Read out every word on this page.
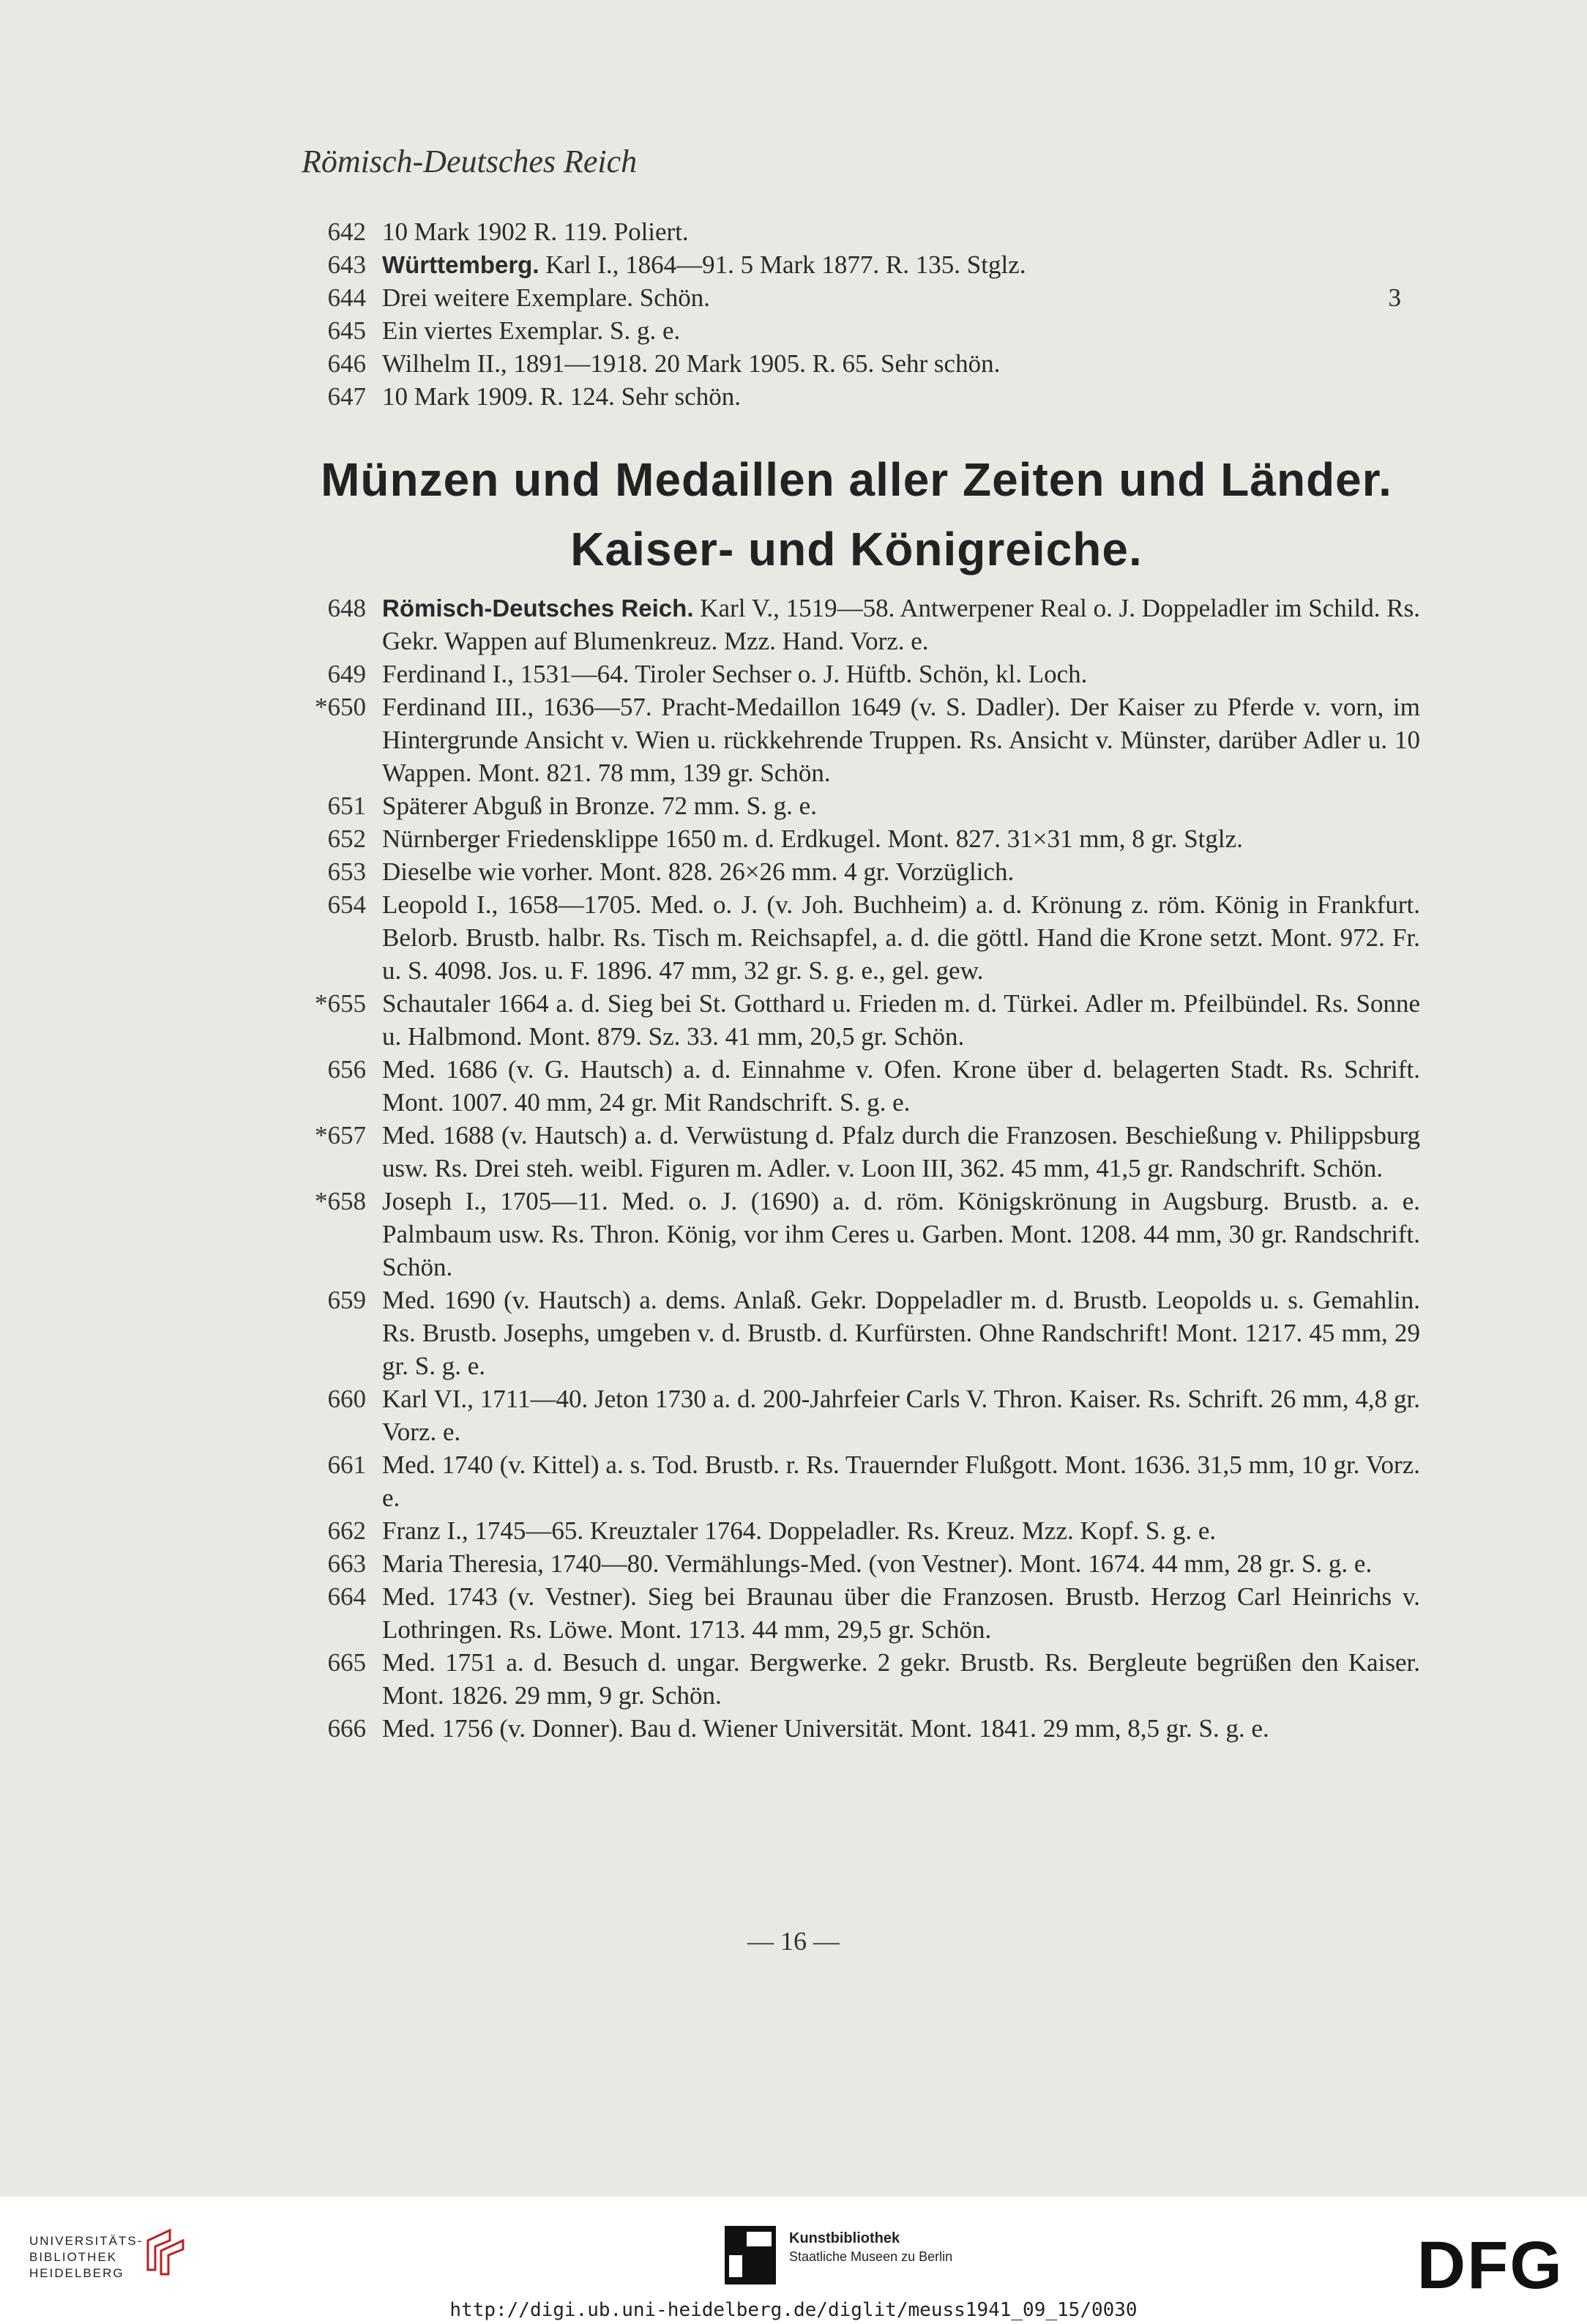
Römisch-Deutsches Reich
642 10 Mark 1902 R. 119. Poliert.
643 Württemberg. Karl I., 1864—91. 5 Mark 1877. R. 135. Stglz.
644 Drei weitere Exemplare. Schön.	3
645 Ein viertes Exemplar. S. g. e.
646 Wilhelm II., 1891—1918. 20 Mark 1905. R. 65. Sehr schön.
647 10 Mark 1909. R. 124. Sehr schön.
Münzen und Medaillen aller Zeiten und Länder.
Kaiser- und Königreiche.
648 Römisch-Deutsches Reich. Karl V., 1519—58. Antwerpener Real o. J. Doppeladler im Schild. Rs. Gekr. Wappen auf Blumenkreuz. Mzz. Hand. Vorz. e.
649 Ferdinand I., 1531—64. Tiroler Sechser o. J. Hüftb. Schön, kl. Loch.
*650 Ferdinand III., 1636—57. Pracht-Medaillon 1649 (v. S. Dadler). Der Kaiser zu Pferde v. vorn, im Hintergrunde Ansicht v. Wien u. rückkehrende Truppen. Rs. Ansicht v. Münster, darüber Adler u. 10 Wappen. Mont. 821. 78 mm, 139 gr. Schön.
651 Späterer Abguß in Bronze. 72 mm. S. g. e.
652 Nürnberger Friedensklippe 1650 m. d. Erdkugel. Mont. 827. 31×31 mm, 8 gr. Stglz.
653 Dieselbe wie vorher. Mont. 828. 26×26 mm. 4 gr. Vorzüglich.
654 Leopold I., 1658—1705. Med. o. J. (v. Joh. Buchheim) a. d. Krönung z. röm. König in Frankfurt. Belorb. Brustb. halbr. Rs. Tisch m. Reichsapfel, a. d. die göttl. Hand die Krone setzt. Mont. 972. Fr. u. S. 4098. Jos. u. F. 1896. 47 mm, 32 gr. S. g. e., gel. gew.
*655 Schautaler 1664 a. d. Sieg bei St. Gotthard u. Frieden m. d. Türkei. Adler m. Pfeilbündel. Rs. Sonne u. Halbmond. Mont. 879. Sz. 33. 41 mm, 20,5 gr. Schön.
656 Med. 1686 (v. G. Hautsch) a. d. Einnahme v. Ofen. Krone über d. belagerten Stadt. Rs. Schrift. Mont. 1007. 40 mm, 24 gr. Mit Randschrift. S. g. e.
*657 Med. 1688 (v. Hautsch) a. d. Verwüstung d. Pfalz durch die Franzosen. Beschießung v. Philippsburg usw. Rs. Drei steh. weibl. Figuren m. Adler. v. Loon III, 362. 45 mm, 41,5 gr. Randschrift. Schön.
*658 Joseph I., 1705—11. Med. o. J. (1690) a. d. röm. Königskrönung in Augsburg. Brustb. a. e. Palmbaum usw. Rs. Thron. König, vor ihm Ceres u. Garben. Mont. 1208. 44 mm, 30 gr. Randschrift. Schön.
659 Med. 1690 (v. Hautsch) a. dems. Anlaß. Gekr. Doppeladler m. d. Brustb. Leopolds u. s. Gemahlin. Rs. Brustb. Josephs, umgeben v. d. Brustb. d. Kurfürsten. Ohne Randschrift! Mont. 1217. 45 mm, 29 gr. S. g. e.
660 Karl VI., 1711—40. Jeton 1730 a. d. 200-Jahrfeier Carls V. Thron. Kaiser. Rs. Schrift. 26 mm, 4,8 gr. Vorz. e.
661 Med. 1740 (v. Kittel) a. s. Tod. Brustb. r. Rs. Trauernder Flußgott. Mont. 1636. 31,5 mm, 10 gr. Vorz. e.
662 Franz I., 1745—65. Kreuztaler 1764. Doppeladler. Rs. Kreuz. Mzz. Kopf. S. g. e.
663 Maria Theresia, 1740—80. Vermählungs-Med. (von Vestner). Mont. 1674. 44 mm, 28 gr. S. g. e.
664 Med. 1743 (v. Vestner). Sieg bei Braunau über die Franzosen. Brustb. Herzog Carl Heinrichs v. Lothringen. Rs. Löwe. Mont. 1713. 44 mm, 29,5 gr. Schön.
665 Med. 1751 a. d. Besuch d. ungar. Bergwerke. 2 gekr. Brustb. Rs. Bergleute begrüßen den Kaiser. Mont. 1826. 29 mm, 9 gr. Schön.
666 Med. 1756 (v. Donner). Bau d. Wiener Universität. Mont. 1841. 29 mm, 8,5 gr. S. g. e.
— 16 —
UNIVERSITÄTS-
BIBLIOTHEK
HEIDELBERG
Kunstbibliothek
Staatliche Museen zu Berlin	DFG
http://digi.ub.uni-heidelberg.de/diglit/meuss1941_09_15/0030
